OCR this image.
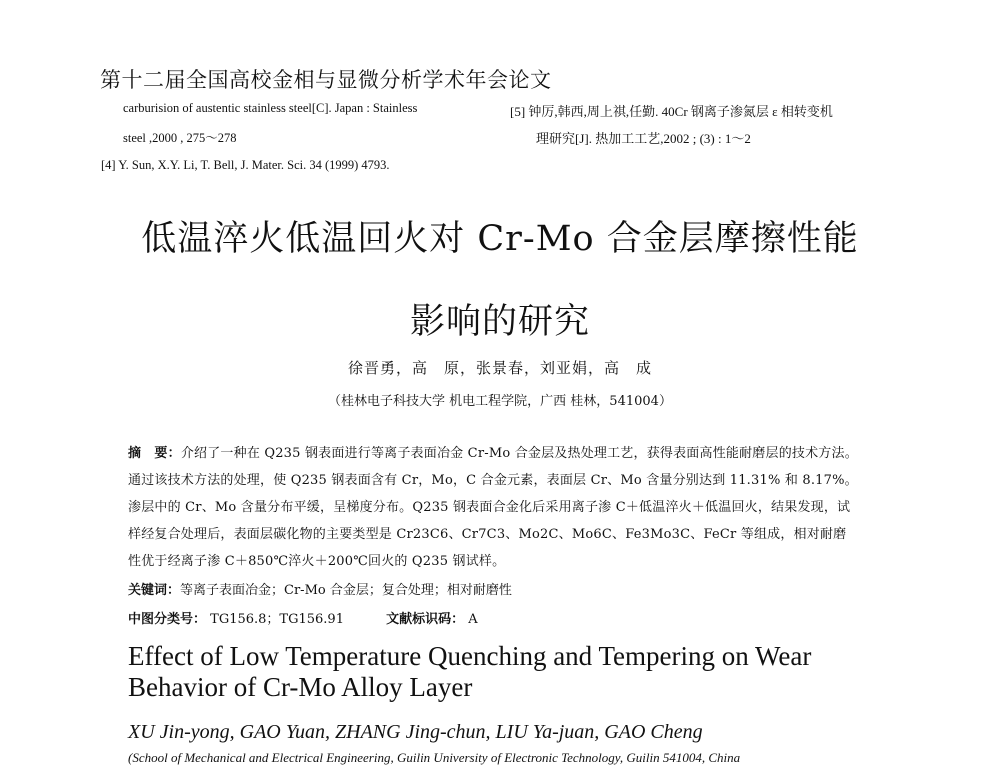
第十二届全国高校金相与显微分析学术年会论文
carburision of austentic stainless steel[C]. Japan : Stainless
steel ,2000 , 275～278
[4] Y. Sun, X.Y. Li, T. Bell, J. Mater. Sci. 34 (1999) 4793.
[5] 钟厉,韩西,周上祺,任勤. 40Cr 钢离子渗氮层 ε 相转变机
理研究[J]. 热加工工艺,2002 ; (3) : 1～2
低温淬火低温回火对 Cr-Mo 合金层摩擦性能
影响的研究
徐晋勇，高　原，张景春，刘亚娟，高　成
（桂林电子科技大学 机电工程学院，广西 桂林，541004）
摘　要：介绍了一种在 Q235 钢表面进行等离子表面冶金 Cr-Mo 合金层及热处理工艺，获得表面高性能耐磨层的技术方法。通过该技术方法的处理，使 Q235 钢表面含有 Cr，Mo，C 合金元素，表面层 Cr、Mo 含量分别达到 11.31% 和 8.17%。渗层中的 Cr、Mo 含量分布平缓，呈梯度分布。Q235 钢表面合金化后采用离子渗 C＋低温淬火＋低温回火，结果发现，试样经复合处理后，表面层碳化物的主要类型是 Cr23C6、Cr7C3、Mo2C、Mo6C、Fe3Mo3C、FeCr 等组成，相对耐磨性优于经离子渗 C＋850℃淬火＋200℃回火的 Q235 钢试样。
关键词：等离子表面冶金；Cr-Mo 合金层；复合处理；相对耐磨性
中图分类号： TG156.8；TG156.91	文献标识码： A
Effect of Low Temperature Quenching and Tempering on Wear Behavior of Cr-Mo Alloy Layer
XU Jin-yong, GAO Yuan, ZHANG Jing-chun, LIU Ya-juan, GAO Cheng
(School of Mechanical and Electrical Engineering, Guilin University of Electronic Technology, Guilin 541004, China
